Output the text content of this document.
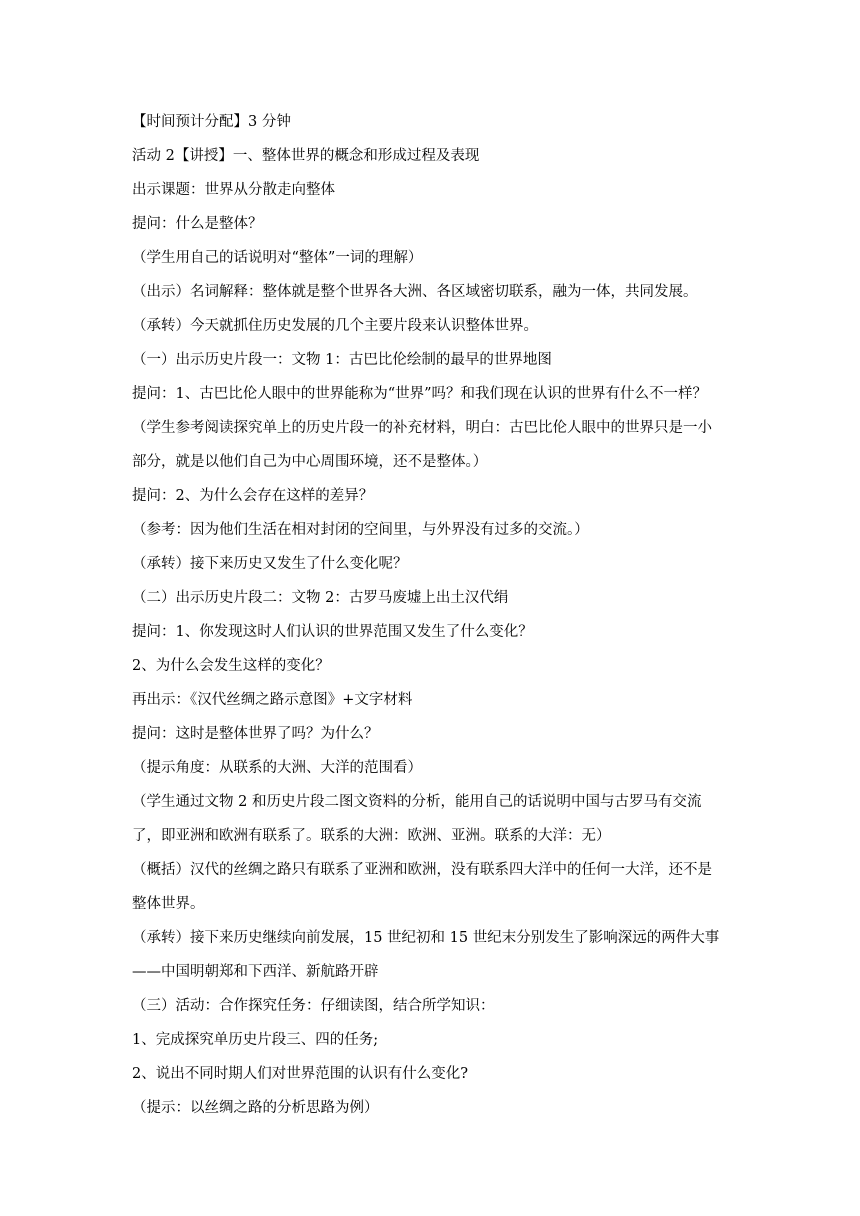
【时间预计分配】3 分钟
活动 2【讲授】一、整体世界的概念和形成过程及表现
出示课题：世界从分散走向整体
提问：什么是整体？
（学生用自己的话说明对“整体”一词的理解）
（出示）名词解释：整体就是整个世界各大洲、各区域密切联系，融为一体，共同发展。
（承转）今天就抓住历史发展的几个主要片段来认识整体世界。
（一）出示历史片段一：文物 1：古巴比伦绘制的最早的世界地图
提问：1、古巴比伦人眼中的世界能称为“世界”吗？和我们现在认识的世界有什么不一样？
（学生参考阅读探究单上的历史片段一的补充材料，明白：古巴比伦人眼中的世界只是一小
部分，就是以他们自己为中心周围环境，还不是整体。）
提问：2、为什么会存在这样的差异？
（参考：因为他们生活在相对封闭的空间里，与外界没有过多的交流。）
（承转）接下来历史又发生了什么变化呢？
（二）出示历史片段二：文物 2：古罗马废墟上出土汉代绢
提问：1、你发现这时人们认识的世界范围又发生了什么变化？
2、为什么会发生这样的变化？
再出示：《汉代丝绸之路示意图》+文字材料
提问：这时是整体世界了吗？为什么？
（提示角度：从联系的大洲、大洋的范围看）
（学生通过文物 2 和历史片段二图文资料的分析，能用自己的话说明中国与古罗马有交流
了，即亚洲和欧洲有联系了。联系的大洲：欧洲、亚洲。联系的大洋：无）
（概括）汉代的丝绸之路只有联系了亚洲和欧洲，没有联系四大洋中的任何一大洋，还不是
整体世界。
（承转）接下来历史继续向前发展，15 世纪初和 15 世纪末分别发生了影响深远的两件大事
——中国明朝郑和下西洋、新航路开辟
（三）活动：合作探究任务：仔细读图，结合所学知识：
1、完成探究单历史片段三、四的任务;
2、说出不同时期人们对世界范围的认识有什么变化?
（提示：以丝绸之路的分析思路为例）
